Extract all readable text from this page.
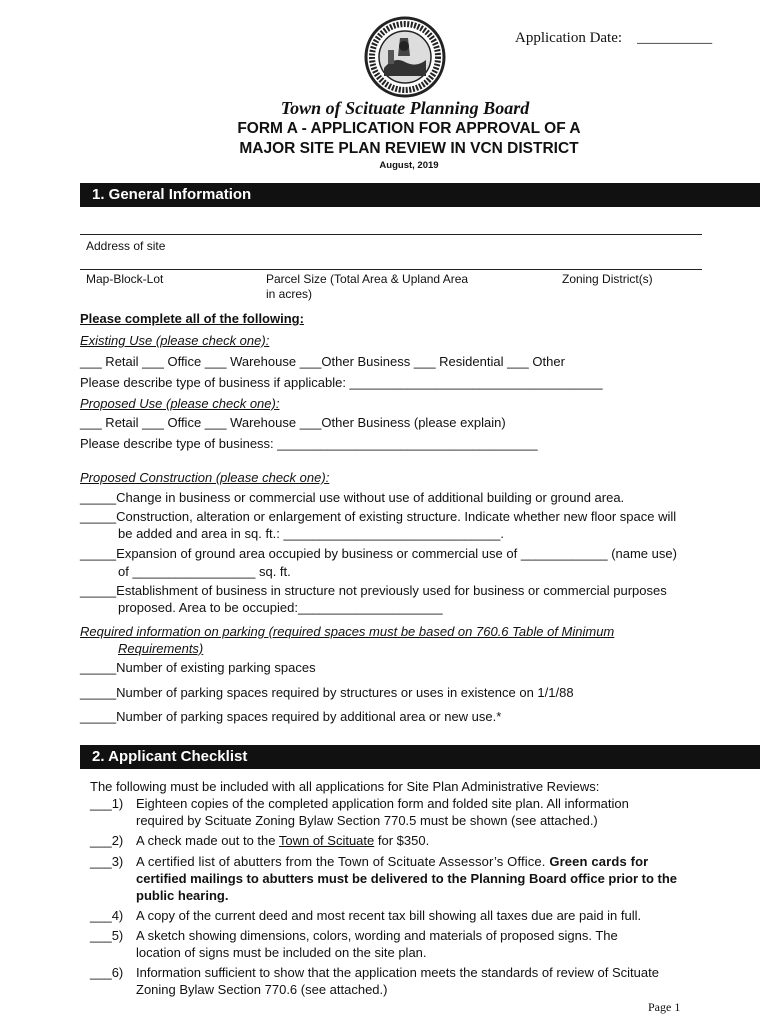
Application Date: __________
Town of Scituate Planning Board
FORM A - APPLICATION FOR APPROVAL OF A
MAJOR SITE PLAN REVIEW IN VCN DISTRICT
August, 2019
1. General Information
Address of site
Map-Block-Lot	Parcel Size (Total Area & Upland Area
in acres)
Zoning District(s)
Please complete all of the following:
Existing Use (please check one):
___ Retail ___ Office ___ Warehouse ___Other Business ___ Residential ___ Other
Please describe type of business if applicable: ___________________________________
Proposed Use (please check one):
___ Retail ___ Office ___ Warehouse ___Other Business (please explain)
Please describe type of business: ____________________________________
Proposed Construction (please check one):
_____Change in business or commercial use without use of additional building or ground area.
_____Construction, alteration or enlargement of existing structure. Indicate whether new floor space will
be added and area in sq. ft.: ______________________________.
_____Expansion of ground area occupied by business or commercial use of ____________ (name use)
of _________________ sq. ft.
_____Establishment of business in structure not previously used for business or commercial purposes
proposed. Area to be occupied:____________________
Required information on parking (required spaces must be based on 760.6 Table of Minimum
Requirements)
_____Number of existing parking spaces
_____Number of parking spaces required by structures or uses in existence on 1/1/88
_____Number of parking spaces required by additional area or new use.*
2. Applicant Checklist
The following must be included with all applications for Site Plan Administrative Reviews:
___1) Eighteen copies of the completed application form and folded site plan. All information
required by Scituate Zoning Bylaw Section 770.5 must be shown (see attached.)
___2) A check made out to the Town of Scituate for $350.
___3) A certified list of abutters from the Town of Scituate Assessor’s Office. Green cards for
certified mailings to abutters must be delivered to the Planning Board office prior to the
public hearing.
___4) A copy of the current deed and most recent tax bill showing all taxes due are paid in full.
___5) A sketch showing dimensions, colors, wording and materials of proposed signs. The
location of signs must be included on the site plan.
___6) Information sufficient to show that the application meets the standards of review of Scituate
Zoning Bylaw Section 770.6 (see attached.)
Page 1
